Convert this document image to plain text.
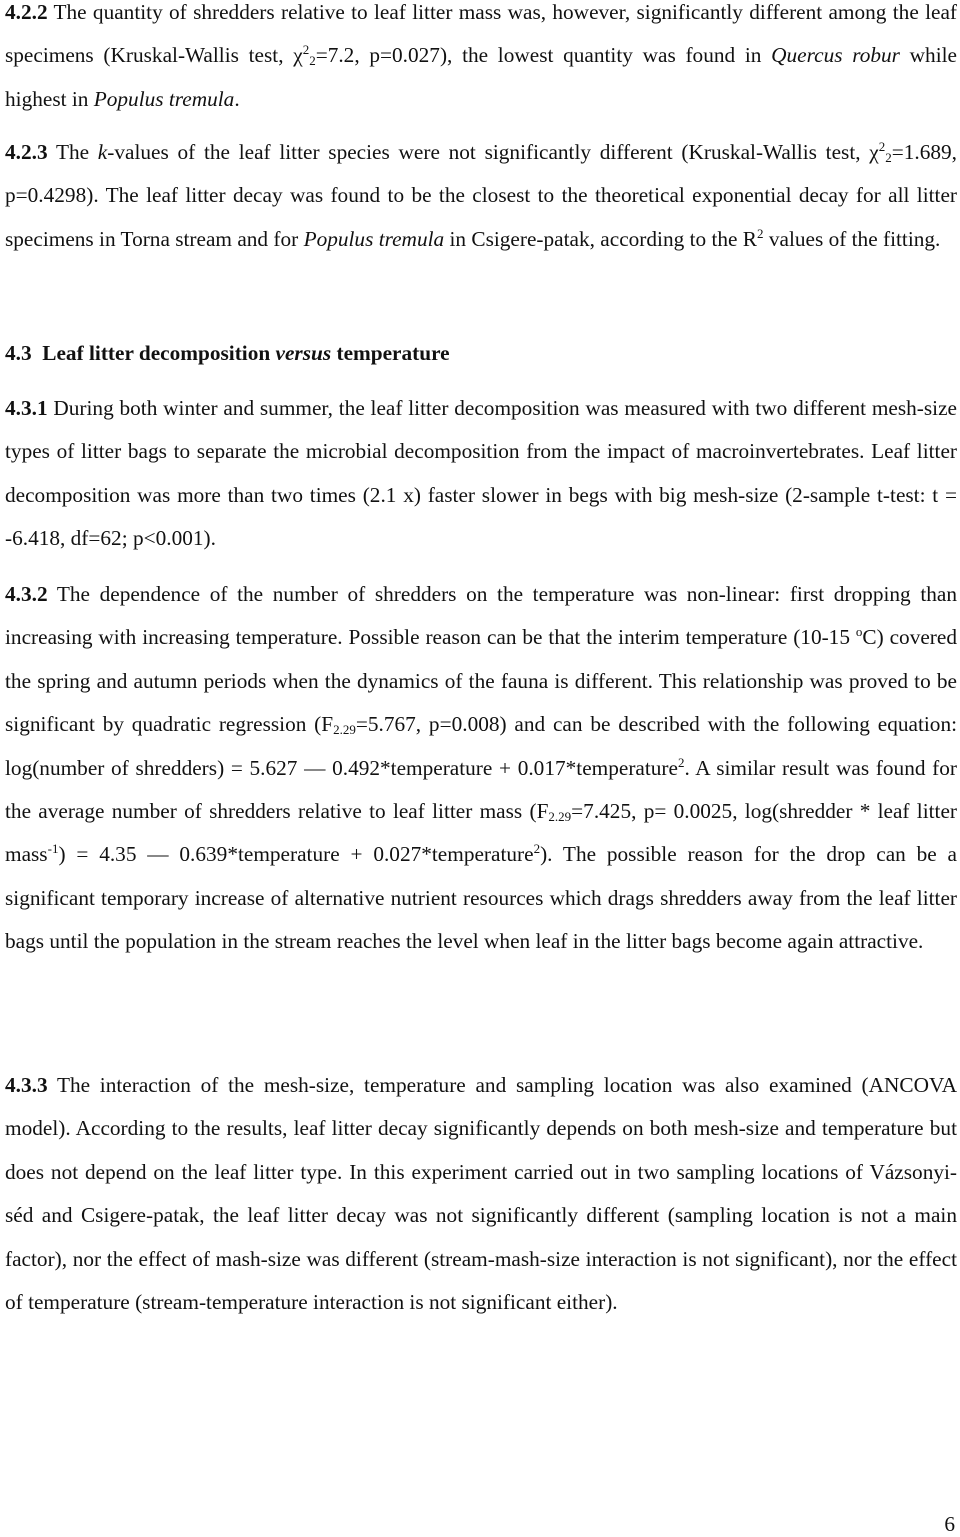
4.2.2 The quantity of shredders relative to leaf litter mass was, however, significantly different among the leaf specimens (Kruskal-Wallis test, $\chi^2_2=7.2$, p=0.027), the lowest quantity was found in Quercus robur while highest in Populus tremula.

4.2.3 The k-values of the leaf litter species were not significantly different (Kruskal-Wallis test, $\chi^2_2=1.689$, p=0.4298). The leaf litter decay was found to be the closest to the theoretical exponential decay for all litter specimens in Torna stream and for Populus tremula in Csigere-patak, according to the $R^2$ values of the fitting.

4.3  Leaf litter decomposition versus temperature

4.3.1 During both winter and summer, the leaf litter decomposition was measured with two different mesh-size types of litter bags to separate the microbial decomposition from the impact of macroinvertebrates. Leaf litter decomposition was more than two times (2.1 x) faster slower in begs with big mesh-size (2-sample t-test: t = -6.418, df=62; p<0.001).

4.3.2 The dependence of the number of shredders on the temperature was non-linear: first dropping than increasing with increasing temperature. Possible reason can be that the interim temperature (10-15 $^o$C) covered the spring and autumn periods when the dynamics of the fauna is different. This relationship was proved to be significant by quadratic regression ($F_{2.29}=5.767$, p=0.008) and can be described with the following equation: log(number of shredders) = 5.627 ― 0.492*temperature + 0.017*temperature$^2$. A similar result was found for the average number of shredders relative to leaf litter mass ($F_{2.29}=7.425$, p= 0.0025, log(shredder * leaf litter mass$^{-1}$) = 4.35 ― 0.639*temperature + 0.027*temperature$^2$). The possible reason for the drop can be a significant temporary increase of alternative nutrient resources which drags shredders away from the leaf litter bags until the population in the stream reaches the level when leaf in the litter bags become again attractive.

4.3.3 The interaction of the mesh-size, temperature and sampling location was also examined (ANCOVA model). According to the results, leaf litter decay significantly depends on both mesh-size and temperature but does not depend on the leaf litter type. In this experiment carried out in two sampling locations of Vázsonyi-séd and Csigere-patak, the leaf litter decay was not significantly different (sampling location is not a main factor), nor the effect of mash-size was different (stream-mash-size interaction is not significant), nor the effect of temperature (stream-temperature interaction is not significant either).

6
